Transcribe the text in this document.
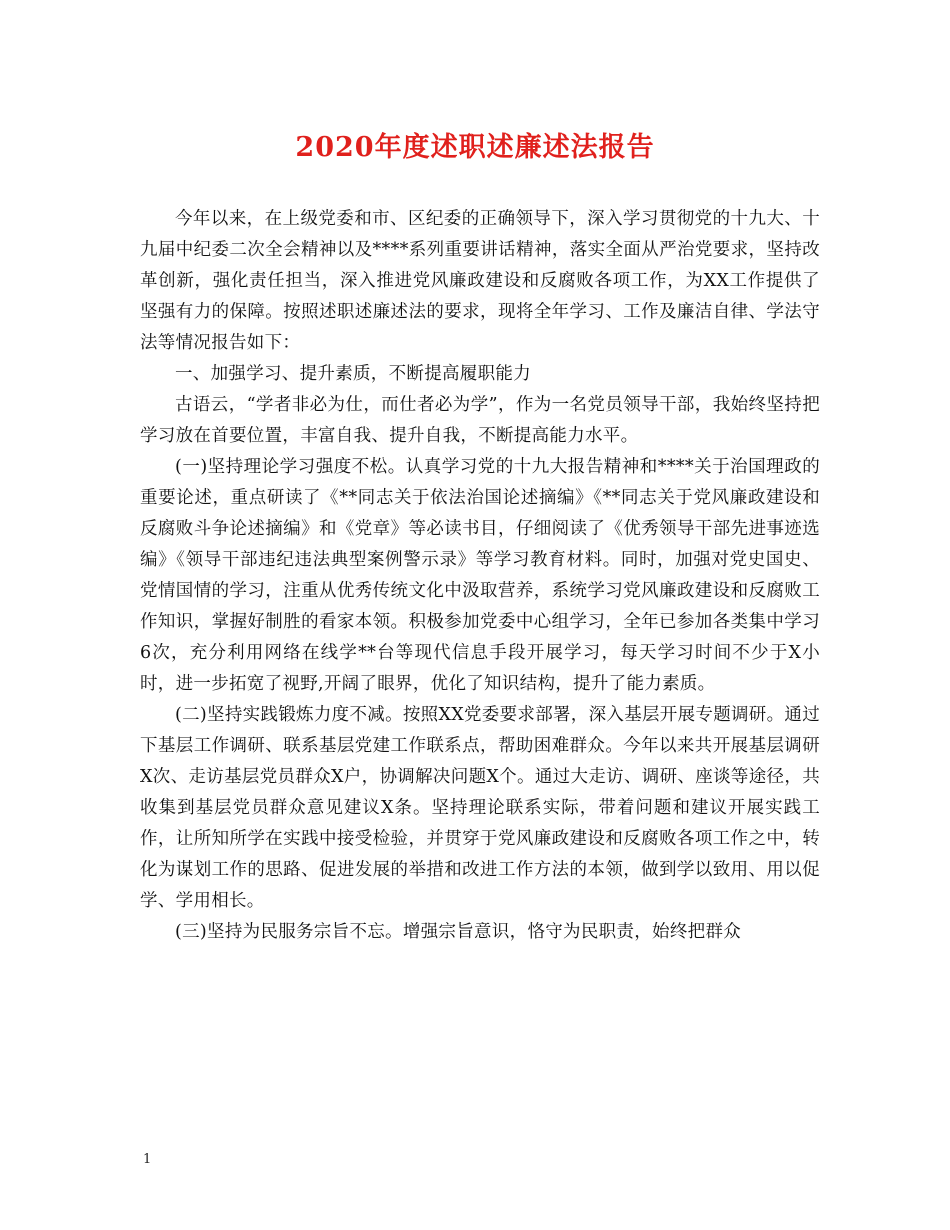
2020年度述职述廉述法报告

今年以来，在上级党委和市、区纪委的正确领导下，深入学习贯彻党的十九大、十九届中纪委二次全会精神以及****系列重要讲话精神，落实全面从严治党要求，坚持改革创新，强化责任担当，深入推进党风廉政建设和反腐败各项工作，为XX工作提供了坚强有力的保障。按照述职述廉述法的要求，现将全年学习、工作及廉洁自律、学法守法等情况报告如下：

一、加强学习、提升素质，不断提高履职能力

古语云，“学者非必为仕，而仕者必为学”，作为一名党员领导干部，我始终坚持把学习放在首要位置，丰富自我、提升自我，不断提高能力水平。

(一)坚持理论学习强度不松。认真学习党的十九大报告精神和****关于治国理政的重要论述，重点研读了《**同志关于依法治国论述摘编》《**同志关于党风廉政建设和反腐败斗争论述摘编》和《党章》等必读书目，仔细阅读了《优秀领导干部先进事迹选编》《领导干部违纪违法典型案例警示录》等学习教育材料。同时，加强对党史国史、党情国情的学习，注重从优秀传统文化中汲取营养，系统学习党风廉政建设和反腐败工作知识，掌握好制胜的看家本领。积极参加党委中心组学习，全年已参加各类集中学习6次，充分利用网络在线学**台等现代信息手段开展学习，每天学习时间不少于X小时，进一步拓宽了视野,开阔了眼界，优化了知识结构，提升了能力素质。

(二)坚持实践锻炼力度不减。按照XX党委要求部署，深入基层开展专题调研。通过下基层工作调研、联系基层党建工作联系点，帮助困难群众。今年以来共开展基层调研X次、走访基层党员群众X户，协调解决问题X个。通过大走访、调研、座谈等途径，共收集到基层党员群众意见建议X条。坚持理论联系实际，带着问题和建议开展实践工作，让所知所学在实践中接受检验，并贯穿于党风廉政建设和反腐败各项工作之中，转化为谋划工作的思路、促进发展的举措和改进工作方法的本领，做到学以致用、用以促学、学用相长。

(三)坚持为民服务宗旨不忘。增强宗旨意识，恪守为民职责，始终把群众

1
